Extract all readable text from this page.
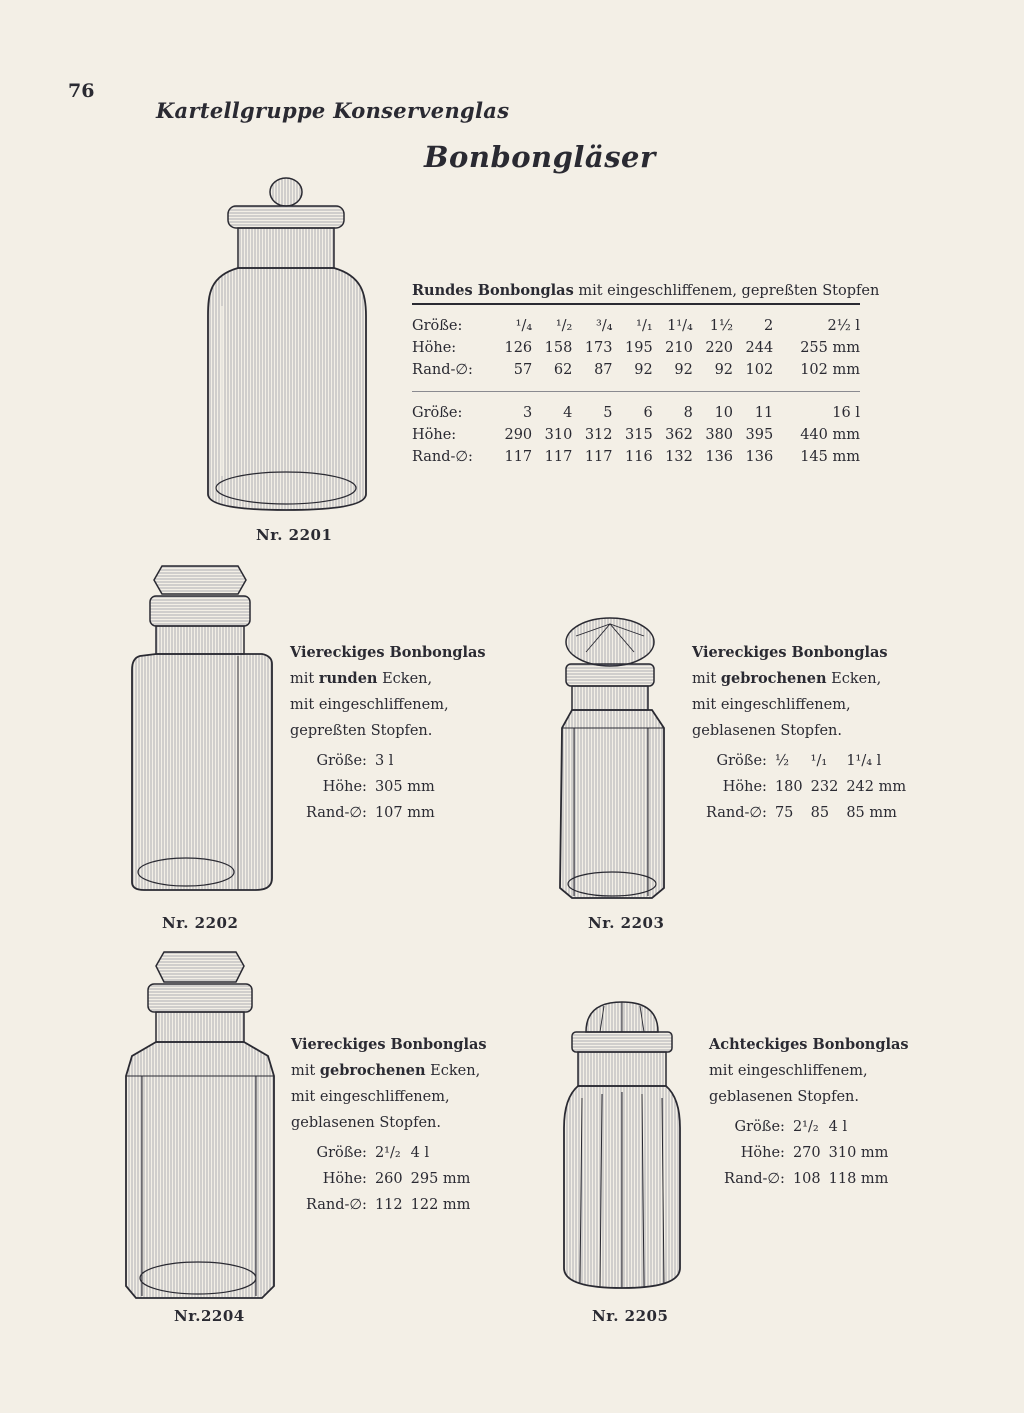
76
Kartellgruppe Konservenglas
Bonbongläser
Nr. 2201
Rundes Bonbonglas mit eingeschliffenem, gepreßten Stopfen
Größe:	¹/₄	¹/₂	³/₄	¹/₁	1¹/₄	1½	2	2½ l
Höhe:	126	158	173	195	210	220	244	255 mm
Rand-∅:	57	62	87	92	92	92	102	102 mm

Größe:	3	4	5	6	8	10	11	16 l
Höhe:	290	310	312	315	362	380	395	440 mm
Rand-∅:	117	117	117	116	132	136	136	145 mm
Nr. 2202
Viereckiges Bonbonglas
mit runden Ecken,
mit eingeschliffenem,
gepreßten Stopfen.
Größe:	3 l
Höhe:	305 mm
Rand-∅:	107 mm
Nr. 2203
Viereckiges Bonbonglas
mit gebrochenen Ecken,
mit eingeschliffenem,
geblasenen Stopfen.
Größe:	½	¹/₁	1¹/₄ l
Höhe:	180	232	242 mm
Rand-∅:	75	85	85 mm
Nr.2204
Viereckiges Bonbonglas
mit gebrochenen Ecken,
mit eingeschliffenem,
geblasenen Stopfen.
Größe:	2¹/₂	4 l
Höhe:	260	295 mm
Rand-∅:	112	122 mm
Nr. 2205
Achteckiges Bonbonglas
mit eingeschliffenem,
geblasenen Stopfen.
Größe:	2¹/₂	4 l
Höhe:	270	310 mm
Rand-∅:	108	118 mm
